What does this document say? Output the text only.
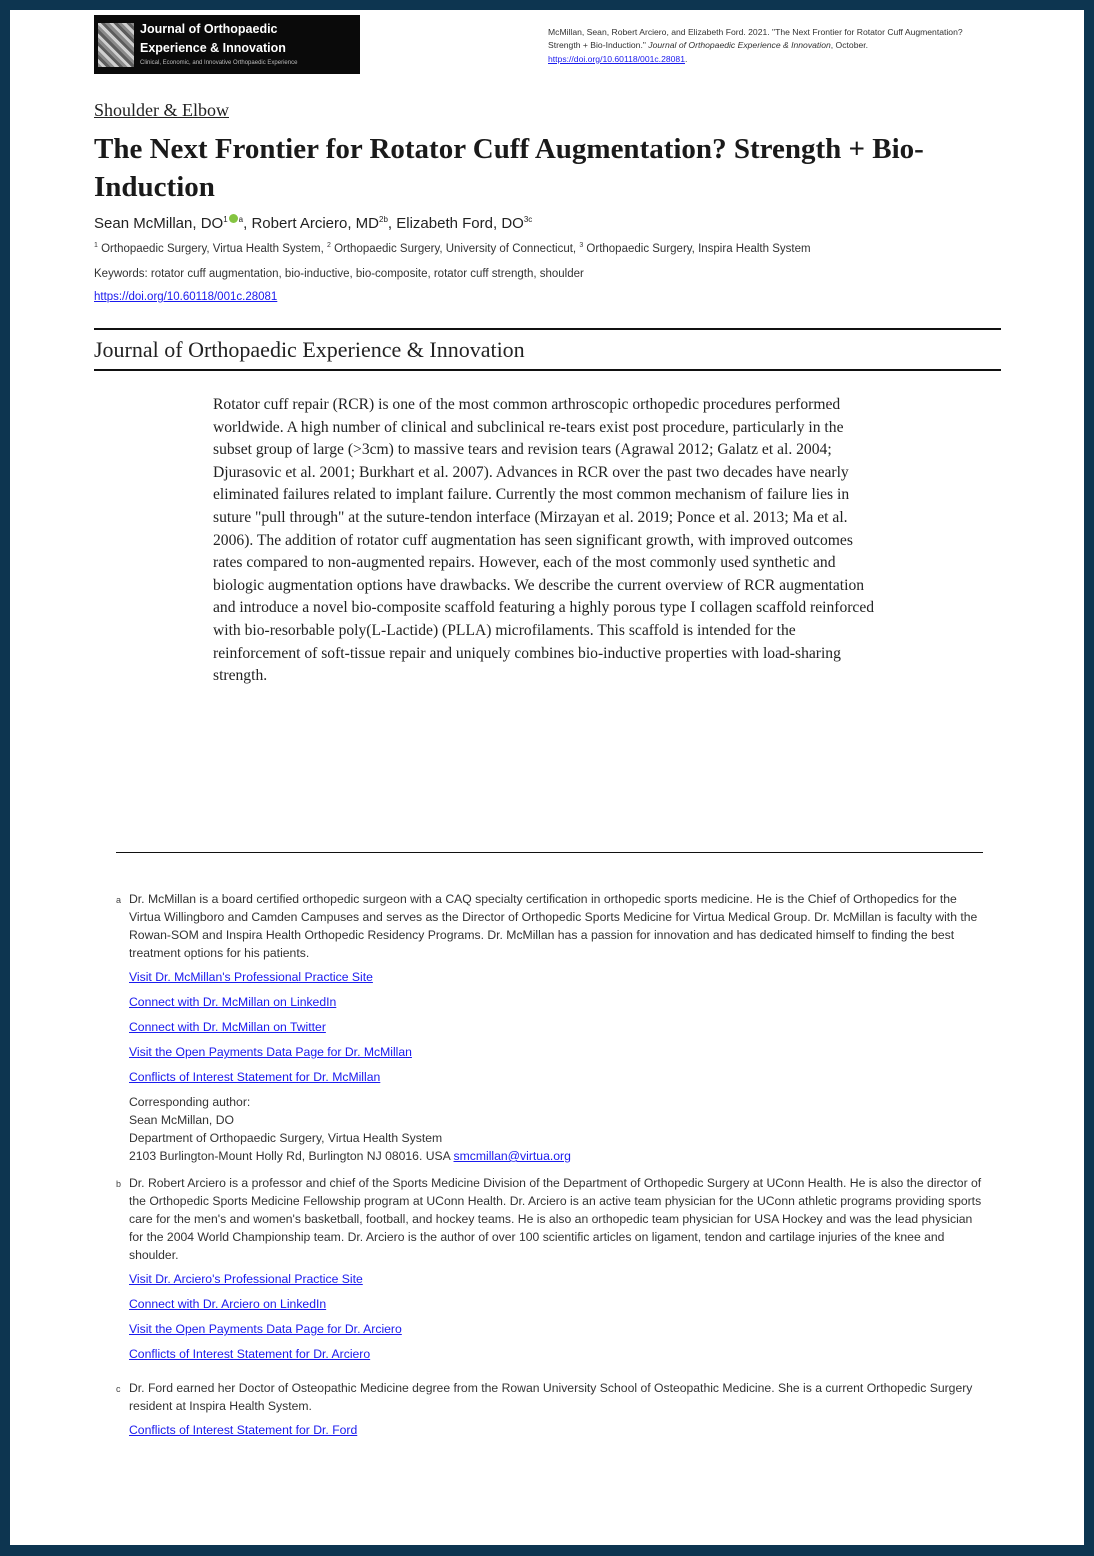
Journal of Orthopaedic
Experience & Innovation
Clinical, Economic, and Innovative Orthopaedic Experience
McMillan, Sean, Robert Arciero, and Elizabeth Ford. 2021. "The Next Frontier for Rotator Cuff Augmentation? Strength + Bio-Induction." Journal of Orthopaedic Experience & Innovation, October. https://doi.org/10.60118/001c.28081.
Shoulder & Elbow
The Next Frontier for Rotator Cuff Augmentation? Strength + Bio-Induction
Sean McMillan, $DO^1$ $^a$, Robert Arciero, $MD^{2b}$, Elizabeth Ford, $DO^{3c}$
$^1$ Orthopaedic Surgery, Virtua Health System, $^2$ Orthopaedic Surgery, University of Connecticut, $^3$ Orthopaedic Surgery, Inspira Health System
Keywords: rotator cuff augmentation, bio-inductive, bio-composite, rotator cuff strength, shoulder
https://doi.org/10.60118/001c.28081
Journal of Orthopaedic Experience & Innovation

Rotator cuff repair (RCR) is one of the most common arthroscopic orthopedic procedures performed worldwide. A high number of clinical and subclinical re-tears exist post procedure, particularly in the subset group of large (>3cm) to massive tears and revision tears (Agrawal 2012; Galatz et al. 2004; Djurasovic et al. 2001; Burkhart et al. 2007). Advances in RCR over the past two decades have nearly eliminated failures related to implant failure. Currently the most common mechanism of failure lies in suture "pull through" at the suture-tendon interface (Mirzayan et al. 2019; Ponce et al. 2013; Ma et al. 2006). The addition of rotator cuff augmentation has seen significant growth, with improved outcomes rates compared to non-augmented repairs. However, each of the most commonly used synthetic and biologic augmentation options have drawbacks. We describe the current overview of RCR augmentation and introduce a novel bio-composite scaffold featuring a highly porous type I collagen scaffold reinforced with bio-resorbable poly(L-Lactide) (PLLA) microfilaments. This scaffold is intended for the reinforcement of soft-tissue repair and uniquely combines bio-inductive properties with load-sharing strength.

a Dr. McMillan is a board certified orthopedic surgeon with a CAQ specialty certification in orthopedic sports medicine. He is the Chief of Orthopedics for the Virtua Willingboro and Camden Campuses and serves as the Director of Orthopedic Sports Medicine for Virtua Medical Group. Dr. McMillan is faculty with the Rowan-SOM and Inspira Health Orthopedic Residency Programs. Dr. McMillan has a passion for innovation and has dedicated himself to finding the best treatment options for his patients.

Visit Dr. McMillan's Professional Practice Site
Connect with Dr. McMillan on LinkedIn
Connect with Dr. McMillan on Twitter
Visit the Open Payments Data Page for Dr. McMillan
Conflicts of Interest Statement for Dr. McMillan

Corresponding author:
Sean McMillan, DO
Department of Orthopaedic Surgery, Virtua Health System
2103 Burlington-Mount Holly Rd, Burlington NJ 08016. USA smcmillan@virtua.org

b Dr. Robert Arciero is a professor and chief of the Sports Medicine Division of the Department of Orthopedic Surgery at UConn Health. He is also the director of the Orthopedic Sports Medicine Fellowship program at UConn Health. Dr. Arciero is an active team physician for the UConn athletic programs providing sports care for the men's and women's basketball, football, and hockey teams. He is also an orthopedic team physician for USA Hockey and was the lead physician for the 2004 World Championship team. Dr. Arciero is the author of over 100 scientific articles on ligament, tendon and cartilage injuries of the knee and shoulder.

Visit Dr. Arciero's Professional Practice Site
Connect with Dr. Arciero on LinkedIn
Visit the Open Payments Data Page for Dr. Arciero
Conflicts of Interest Statement for Dr. Arciero
c Dr. Ford earned her Doctor of Osteopathic Medicine degree from the Rowan University School of Osteopathic Medicine. She is a current Orthopedic Surgery resident at Inspira Health System.

Conflicts of Interest Statement for Dr. Ford
